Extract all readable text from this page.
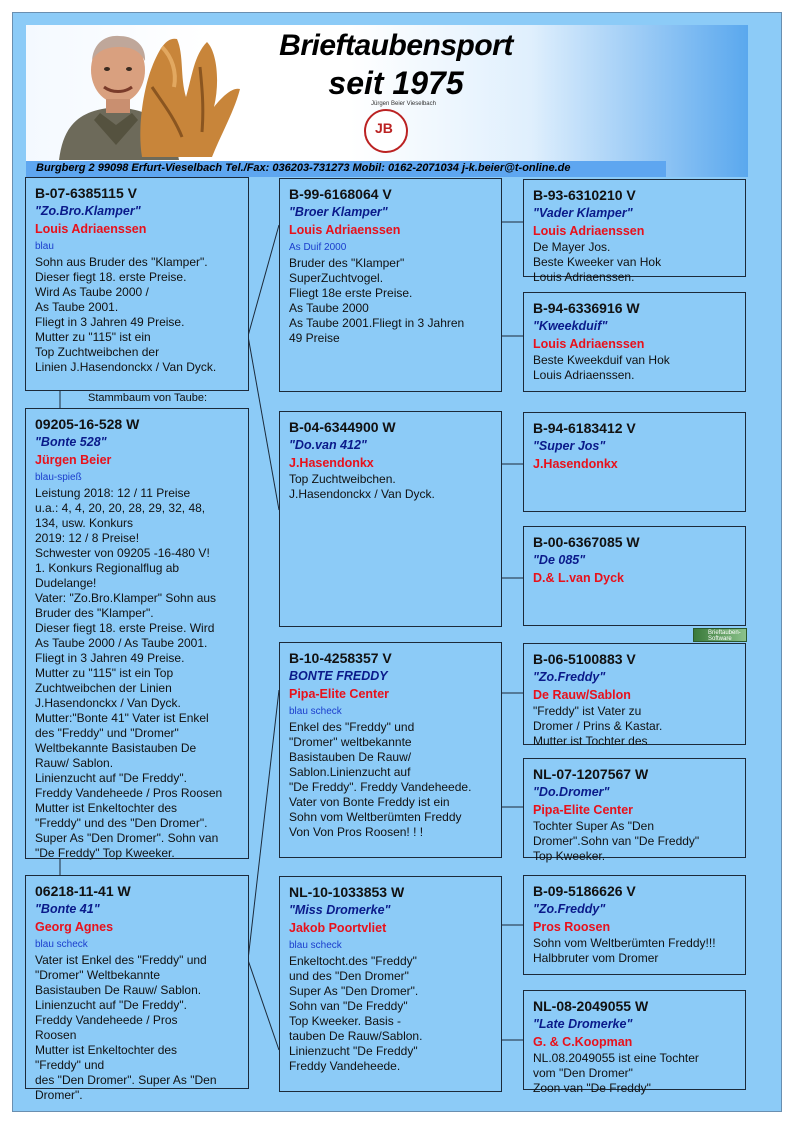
Brieftaubensport
seit 1975
Jürgen Beier Vieselbach
JB
Burgberg 2 99098 Erfurt-Vieselbach Tel./Fax: 036203-731273 Mobil: 0162-2071034 j-k.beier@t-online.de
Stammbaum von Taube:
B-07-6385115 V
"Zo.Bro.Klamper"
Louis Adriaenssen
blau
Sohn aus Bruder des "Klamper".
Dieser fiegt 18. erste Preise.
Wird As Taube 2000 /
As Taube 2001.
Fliegt in 3 Jahren 49 Preise.
Mutter zu "115" ist ein
Top Zuchtweibchen der
Linien J.Hasendonckx / Van Dyck.
09205-16-528 W
"Bonte 528"
Jürgen Beier
blau-spieß
Leistung 2018: 12 / 11 Preise
u.a.: 4, 4, 20, 20, 28, 29, 32, 48,
134, usw. Konkurs
2019: 12 / 8 Preise!
Schwester von 09205 -16-480 V!
1. Konkurs Regionalflug ab
Dudelange!
Vater: "Zo.Bro.Klamper" Sohn aus
Bruder des "Klamper".
Dieser fiegt 18. erste Preise. Wird
As Taube 2000 / As Taube 2001.
Fliegt in 3 Jahren 49 Preise.
Mutter zu "115" ist ein Top
Zuchtweibchen der Linien
J.Hasendonckx / Van Dyck.
Mutter:"Bonte 41" Vater ist Enkel
des "Freddy" und "Dromer"
Weltbekannte Basistauben De
Rauw/ Sablon.
Linienzucht auf "De Freddy".
Freddy Vandeheede / Pros Roosen
Mutter ist Enkeltochter des
"Freddy" und des "Den Dromer".
Super As "Den Dromer". Sohn van
"De Freddy" Top Kweeker.
06218-11-41 W
"Bonte 41"
Georg Agnes
blau scheck
Vater ist Enkel des "Freddy" und
"Dromer" Weltbekannte
Basistauben De Rauw/ Sablon.
Linienzucht auf "De Freddy".
Freddy Vandeheede / Pros
Roosen
Mutter ist Enkeltochter des
"Freddy" und
des "Den Dromer". Super As "Den
Dromer".
B-99-6168064 V
"Broer Klamper"
Louis Adriaenssen
As Duif 2000
Bruder des "Klamper"
SuperZuchtvogel.
Fliegt 18e erste Preise.
As Taube 2000
As Taube 2001.Fliegt in 3 Jahren
49 Preise
B-04-6344900 W
"Do.van 412"
J.Hasendonkx
Top Zuchtweibchen.
J.Hasendonckx / Van Dyck.
B-10-4258357 V
BONTE FREDDY
Pipa-Elite Center
blau scheck
Enkel des "Freddy" und
"Dromer" weltbekannte
Basistauben De Rauw/
Sablon.Linienzucht auf
"De Freddy". Freddy Vandeheede.
Vater von Bonte Freddy ist ein
Sohn vom Weltberümten Freddy
Von Von Pros Roosen! ! !
NL-10-1033853 W
"Miss Dromerke"
Jakob Poortvliet
blau scheck
Enkeltocht.des "Freddy"
und des "Den Dromer"
Super As "Den Dromer".
Sohn van "De Freddy"
Top Kweeker. Basis -
tauben De Rauw/Sablon.
Linienzucht "De Freddy"
Freddy Vandeheede.
B-93-6310210 V
"Vader Klamper"
Louis Adriaenssen
De Mayer Jos.
Beste Kweeker van Hok
Louis Adriaenssen.
B-94-6336916 W
"Kweekduif"
Louis Adriaenssen
Beste Kweekduif van Hok
Louis Adriaenssen.
B-94-6183412 V
"Super Jos"
J.Hasendonkx
B-00-6367085 W
"De 085"
D.& L.van Dyck
Brieftauben-Software
B-06-5100883 V
"Zo.Freddy"
De Rauw/Sablon
"Freddy" ist Vater zu
Dromer / Prins & Kastar.
Mutter ist Tochter des
NL-07-1207567 W
"Do.Dromer"
Pipa-Elite Center
Tochter Super As "Den
Dromer".Sohn van "De Freddy"
Top Kweeker.
B-09-5186626 V
"Zo.Freddy"
Pros Roosen
Sohn vom Weltberümten Freddy!!!
Halbbruter vom Dromer
NL-08-2049055 W
"Late Dromerke"
G. & C.Koopman
NL.08.2049055 ist eine Tochter
vom "Den Dromer"
Zoon van "De Freddy"
